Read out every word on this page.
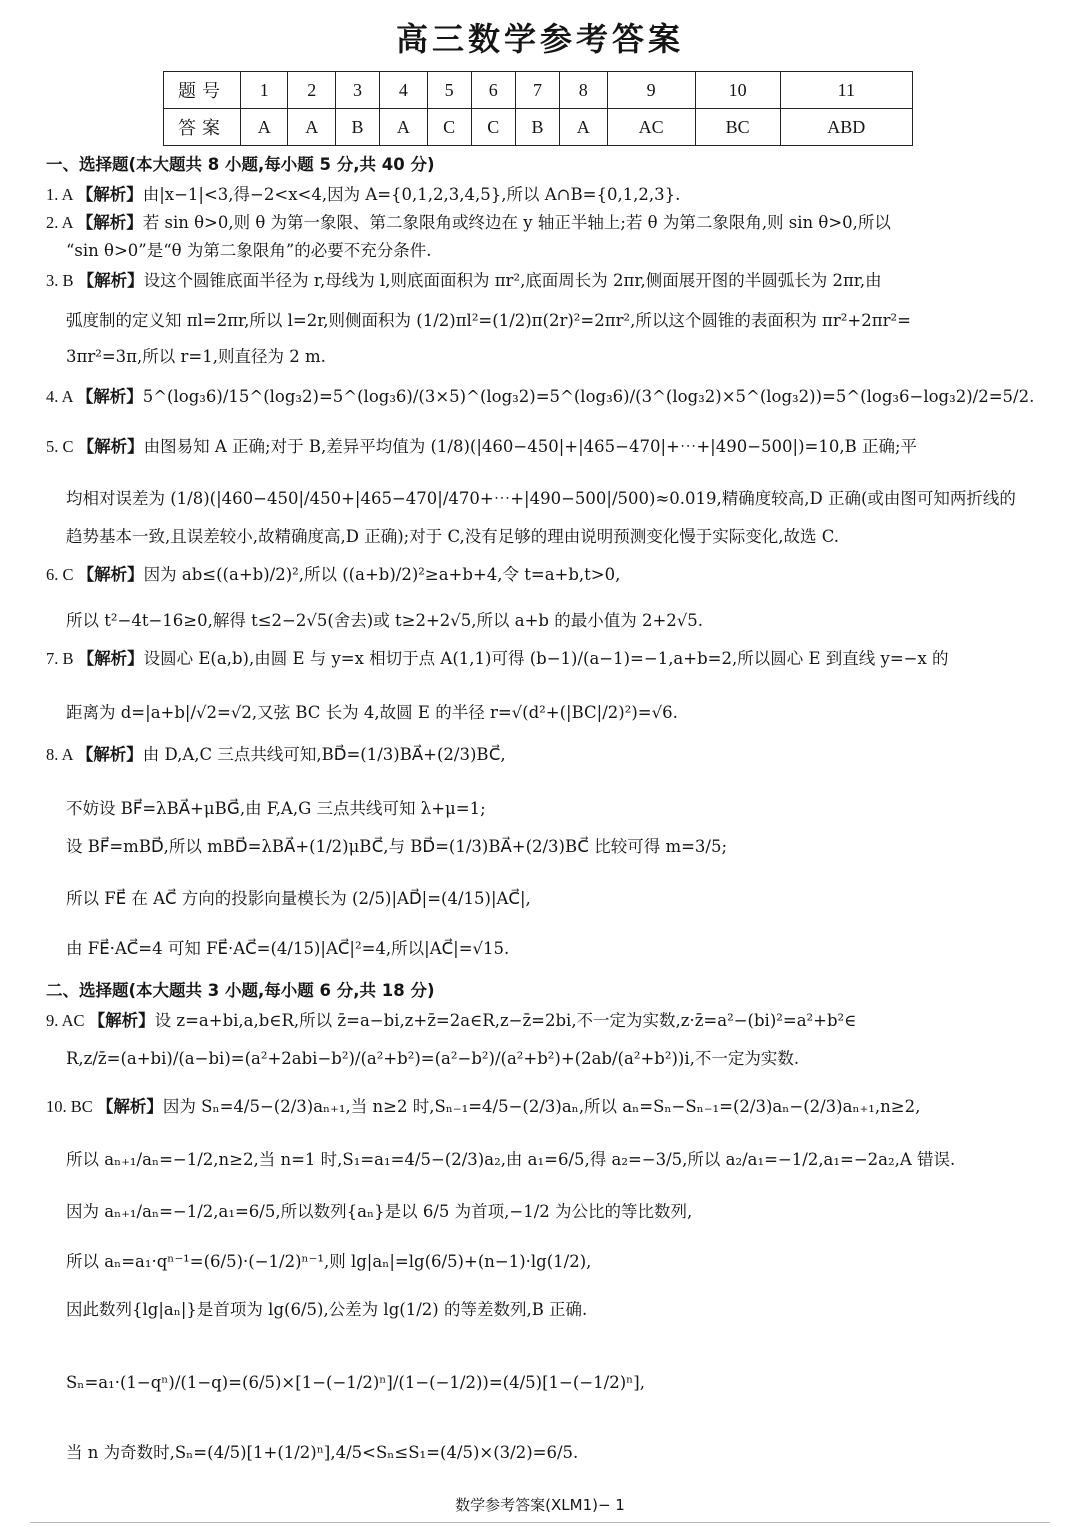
高三数学参考答案
题号	1	2	3	4	5	6	7	8	9	10	11
答案	A	A	B	A	C	C	B	A	AC	BC	ABD
一、选择题(本大题共 8 小题,每小题 5 分,共 40 分)
1. A 【解析】由|x−1|<3,得−2<x<4,因为 A={0,1,2,3,4,5},所以 A∩B={0,1,2,3}.
2. A 【解析】若 sin θ>0,则 θ 为第一象限、第二象限角或终边在 y 轴正半轴上;若 θ 为第二象限角,则 sin θ>0,所以
“sin θ>0”是“θ 为第二象限角”的必要不充分条件.
3. B 【解析】设这个圆锥底面半径为 r,母线为 l,则底面面积为 πr²,底面周长为 2πr,侧面展开图的半圆弧长为 2πr,由
弧度制的定义知 πl=2πr,所以 l=2r,则侧面积为 (1/2)πl²=(1/2)π(2r)²=2πr²,所以这个圆锥的表面积为 πr²+2πr²=
3πr²=3π,所以 r=1,则直径为 2 m.
4. A 【解析】5^(log₃6)/15^(log₃2)=5^(log₃6)/(3×5)^(log₃2)=5^(log₃6)/(3^(log₃2)×5^(log₃2))=5^(log₃6−log₃2)/2=5/2.
5. C 【解析】由图易知 A 正确;对于 B,差异平均值为 (1/8)(|460−450|+|465−470|+⋯+|490−500|)=10,B 正确;平
均相对误差为 (1/8)(|460−450|/450+|465−470|/470+⋯+|490−500|/500)≈0.019,精确度较高,D 正确(或由图可知两折线的
趋势基本一致,且误差较小,故精确度高,D 正确);对于 C,没有足够的理由说明预测变化慢于实际变化,故选 C.
6. C 【解析】因为 ab≤((a+b)/2)²,所以 ((a+b)/2)²≥a+b+4,令 t=a+b,t>0,
所以 t²−4t−16≥0,解得 t≤2−2√5(舍去)或 t≥2+2√5,所以 a+b 的最小值为 2+2√5.
7. B 【解析】设圆心 E(a,b),由圆 E 与 y=x 相切于点 A(1,1)可得 (b−1)/(a−1)=−1,a+b=2,所以圆心 E 到直线 y=−x 的
距离为 d=|a+b|/√2=√2,又弦 BC 长为 4,故圆 E 的半径 r=√(d²+(|BC|/2)²)=√6.
8. A 【解析】由 D,A,C 三点共线可知,BD⃗=(1/3)BA⃗+(2/3)BC⃗,
不妨设 BF⃗=λBA⃗+μBG⃗,由 F,A,G 三点共线可知 λ+μ=1;
设 BF⃗=mBD⃗,所以 mBD⃗=λBA⃗+(1/2)μBC⃗,与 BD⃗=(1/3)BA⃗+(2/3)BC⃗ 比较可得 m=3/5;
所以 FE⃗ 在 AC⃗ 方向的投影向量模长为 (2/5)|AD⃗|=(4/15)|AC⃗|,
由 FE⃗·AC⃗=4 可知 FE⃗·AC⃗=(4/15)|AC⃗|²=4,所以|AC⃗|=√15.
二、选择题(本大题共 3 小题,每小题 6 分,共 18 分)
9. AC 【解析】设 z=a+bi,a,b∈R,所以 z̄=a−bi,z+z̄=2a∈R,z−z̄=2bi,不一定为实数,z·z̄=a²−(bi)²=a²+b²∈
R,z/z̄=(a+bi)/(a−bi)=(a²+2abi−b²)/(a²+b²)=(a²−b²)/(a²+b²)+(2ab/(a²+b²))i,不一定为实数.
10. BC 【解析】因为 Sₙ=4/5−(2/3)aₙ₊₁,当 n≥2 时,Sₙ₋₁=4/5−(2/3)aₙ,所以 aₙ=Sₙ−Sₙ₋₁=(2/3)aₙ−(2/3)aₙ₊₁,n≥2,
所以 aₙ₊₁/aₙ=−1/2,n≥2,当 n=1 时,S₁=a₁=4/5−(2/3)a₂,由 a₁=6/5,得 a₂=−3/5,所以 a₂/a₁=−1/2,a₁=−2a₂,A 错误.
因为 aₙ₊₁/aₙ=−1/2,a₁=6/5,所以数列{aₙ}是以 6/5 为首项,−1/2 为公比的等比数列,
所以 aₙ=a₁·qⁿ⁻¹=(6/5)·(−1/2)ⁿ⁻¹,则 lg|aₙ|=lg(6/5)+(n−1)·lg(1/2),
因此数列{lg|aₙ|}是首项为 lg(6/5),公差为 lg(1/2) 的等差数列,B 正确.
Sₙ=a₁·(1−qⁿ)/(1−q)=(6/5)×[1−(−1/2)ⁿ]/(1−(−1/2))=(4/5)[1−(−1/2)ⁿ],
当 n 为奇数时,Sₙ=(4/5)[1+(1/2)ⁿ],4/5<Sₙ≤S₁=(4/5)×(3/2)=6/5.
数学参考答案(XLM1)− 1
